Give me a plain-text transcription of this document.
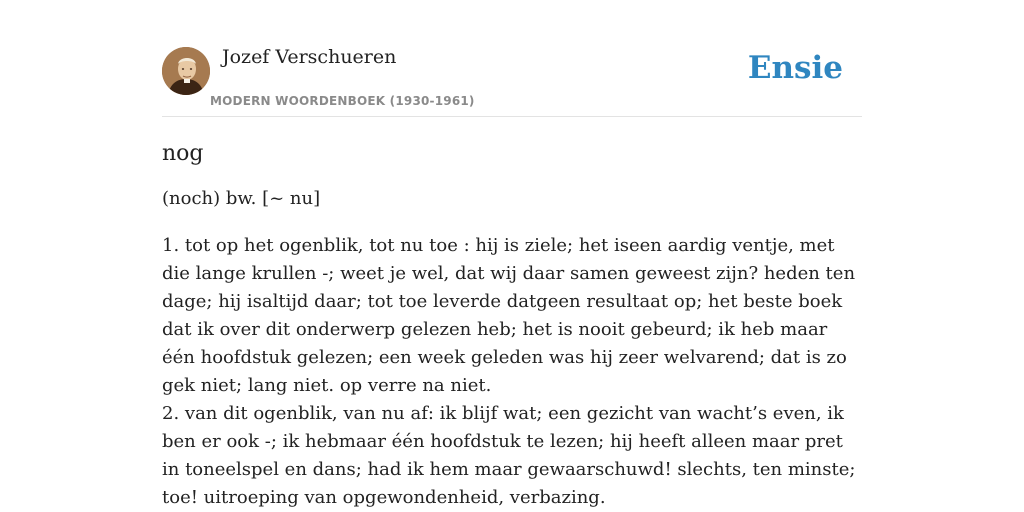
Jozef Verschueren
MODERN WOORDENBOEK (1930-1961)
Ensie
nog

(noch) bw. [~ nu]

1. tot op het ogenblik, tot nu toe : hij is ziele; het iseen aardig ventje, met die lange krullen -; weet je wel, dat wij daar samen geweest zijn? heden ten dage; hij isaltijd daar; tot toe leverde datgeen resultaat op; het beste boek dat ik over dit onderwerp gelezen heb; het is nooit gebeurd; ik heb maar één hoofdstuk gelezen; een week geleden was hij zeer welvarend; dat is zo gek niet; lang niet. op verre na niet.
2. van dit ogenblik, van nu af: ik blijf wat; een gezicht van wacht’s even, ik ben er ook -; ik hebmaar één hoofdstuk te lezen; hij heeft alleen maar pret in toneelspel en dans; had ik hem maar gewaarschuwd! slechts, ten minste; toe! uitroeping van opgewondenheid, verbazing.
